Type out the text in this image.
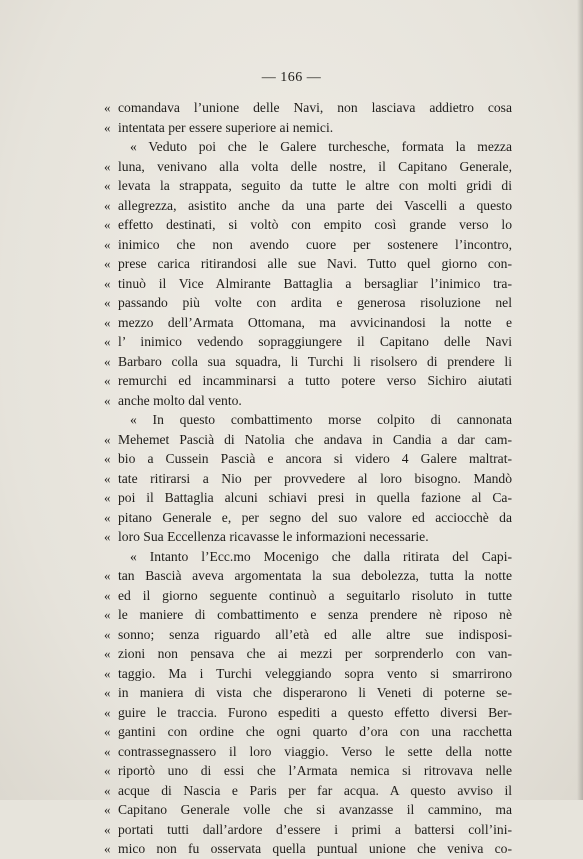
— 166 —
« comandava l’unione delle Navi, non lasciava addietro cosa
« intentata per essere superiore ai nemici.
« Veduto poi che le Galere turchesche, formata la mezza
« luna, venivano alla volta delle nostre, il Capitano Generale,
« levata la strappata, seguito da tutte le altre con molti gridi di
« allegrezza, asistito anche da una parte dei Vascelli a questo
« effetto destinati, si voltò con empito così grande verso lo
« inimico che non avendo cuore per sostenere l’incontro,
« prese carica ritirandosi alle sue Navi. Tutto quel giorno con-
« tinuò il Vice Almirante Battaglia a bersagliar l’inimico tra-
« passando più volte con ardita e generosa risoluzione nel
« mezzo dell’Armata Ottomana, ma avvicinandosi la notte e
« l’ inimico vedendo sopraggiungere il Capitano delle Navi
« Barbaro colla sua squadra, li Turchi li risolsero di prendere li
« remurchi ed incamminarsi a tutto potere verso Sichiro aiutati
« anche molto dal vento.
« In questo combattimento morse colpito di cannonata
« Mehemet Pascià di Natolia che andava in Candia a dar cam-
« bio a Cussein Pascià e ancora si videro 4 Galere maltrat-
« tate ritirarsi a Nio per provvedere al loro bisogno. Mandò
« poi il Battaglia alcuni schiavi presi in quella fazione al Ca-
« pitano Generale e, per segno del suo valore ed acciocchè da
« loro Sua Eccellenza ricavasse le informazioni necessarie.
« Intanto l’Ecc.mo Mocenigo che dalla ritirata del Capi-
« tan Bascià aveva argomentata la sua debolezza, tutta la notte
« ed il giorno seguente continuò a seguitarlo risoluto in tutte
« le maniere di combattimento e senza prendere nè riposo nè
« sonno; senza riguardo all’età ed alle altre sue indisposi-
« zioni non pensava che ai mezzi per sorprenderlo con van-
« taggio. Ma i Turchi veleggiando sopra vento si smarrirono
« in maniera di vista che disperarono li Veneti di poterne se-
« guire le traccia. Furono espediti a questo effetto diversi Ber-
« gantini con ordine che ogni quarto d’ora con una racchetta
« contrassegnassero il loro viaggio. Verso le sette della notte
« riportò uno di essi che l’Armata nemica si ritrovava nelle
« acque di Nascia e Paris per far acqua. A questo avviso il
« Capitano Generale volle che si avanzasse il cammino, ma
« portati tutti dall’ardore d’essere i primi a battersi coll’ini-
« mico non fu osservata quella puntual unione che veniva co-
